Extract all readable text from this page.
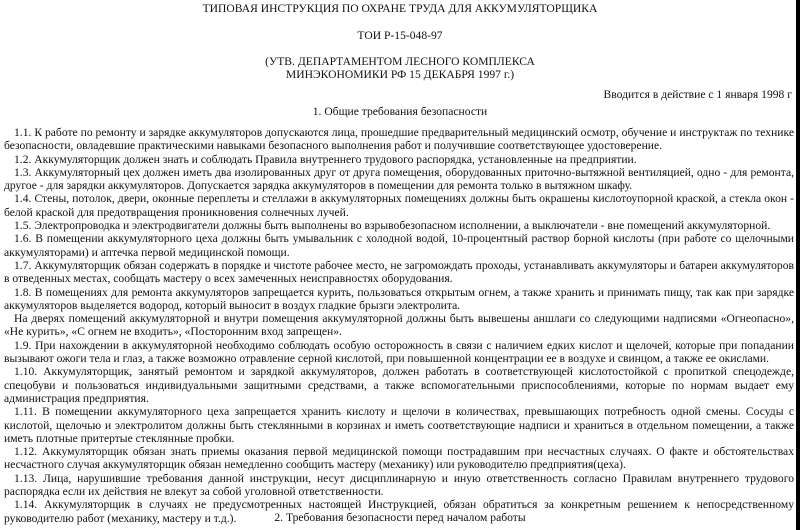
ТИПОВАЯ ИНСТРУКЦИЯ ПО ОХРАНЕ ТРУДА ДЛЯ АККУМУЛЯТОРЩИКА

ТОИ Р-15-048-97

(УТВ. ДЕПАРТАМЕНТОМ ЛЕСНОГО КОМПЛЕКСА

МИНЭКОНОМИКИ РФ 15 ДЕКАБРЯ 1997 г.)

Вводится в действие с 1 января 1998 г

1. Общие требования безопасности

1.1. К работе по ремонту и зарядке аккумуляторов допускаются лица, прошедшие предварительный медицинский осмотр, обучение и инструктаж по технике безопасности, овладевшие практическими навыками безопасного выполнения работ и получившие соответствующее удостоверение.

1.2. Аккумуляторщик должен знать и соблюдать Правила внутреннего трудового распорядка, установленные на предприятии.

1.3. Аккумуляторный цех должен иметь два изолированных друг от друга помещения, оборудованных приточно-вытяжной вентиляцией, одно - для ремонта, другое - для зарядки аккумуляторов. Допускается зарядка аккумуляторов в помещении для ремонта только в вытяжном шкафу.

1.4. Стены, потолок, двери, оконные переплеты и стеллажи в аккумуляторных помещениях должны быть окрашены кислотоупорной краской, а стекла окон - белой краской для предотвращения проникновения солнечных лучей.

1.5. Электропроводка и электродвигатели должны быть выполнены во взрывобезопасном исполнении, а выключатели - вне помещений аккумуляторной.

1.6. В помещении аккумуляторного цеха должны быть умывальник с холодной водой, 10-процентный раствор борной кислоты (при работе со щелочными аккумуляторами) и аптечка первой медицинской помощи.

1.7. Аккумуляторщик обязан содержать в порядке и чистоте рабочее место, не загромождать проходы, устанавливать аккумуляторы и батареи аккумуляторов в отведенных местах, сообщать мастеру о всех замеченных неисправностях оборудования.

1.8. В помещениях для ремонта аккумуляторов запрещается курить, пользоваться открытым огнем, а также хранить и принимать пищу, так как при зарядке аккумуляторов выделяется водород, который выносит в воздух гладкие брызги электролита.

На дверях помещений аккумуляторной и внутри помещения аккумуляторной должны быть вывешены аншлаги со следующими надписями «Огнеопасно», «Не курить», «С огнем не входить», «Посторонним вход запрещен».

1.9. При нахождении в аккумуляторной необходимо соблюдать особую осторожность в связи с наличием едких кислот и щелочей, которые при попадании вызывают ожоги тела и глаз, а также возможно отравление серной кислотой, при повышенной концентрации ее в воздухе и свинцом, а также ее окислами.

1.10. Аккумуляторщик, занятый ремонтом и зарядкой аккумуляторов, должен работать в соответствующей кислотостойкой с пропиткой спецодежде, спецобуви и пользоваться индивидуальными защитными средствами, а также вспомогательными приспособлениями, которые по нормам выдает ему администрация предприятия.

1.11. В помещении аккумуляторного цеха запрещается хранить кислоту и щелочи в количествах, превышающих потребность одной смены. Сосуды с кислотой, щелочью и электролитом должны быть стеклянными в корзинах и иметь соответствующие надписи и храниться в отдельном помещении, а также иметь плотные притертые стеклянные пробки.

1.12. Аккумуляторщик обязан знать приемы оказания первой медицинской помощи пострадавшим при несчастных случаях. О факте и обстоятельствах несчастного случая аккумуляторщик обязан немедленно сообщить мастеру (механику) или руководителю предприятия(цеха).

1.13. Лица, нарушившие требования данной инструкции, несут дисциплинарную и иную ответственность согласно Правилам внутреннего трудового распорядка если их действия не влекут за собой уголовной ответственности.

1.14. Аккумуляторщик в случаях не предусмотренных настоящей Инструкцией, обязан обратиться за конкретным решением к непосредственному руководителю работ (механику, мастеру и т.д.).	2. Требования безопасности перед началом работы
